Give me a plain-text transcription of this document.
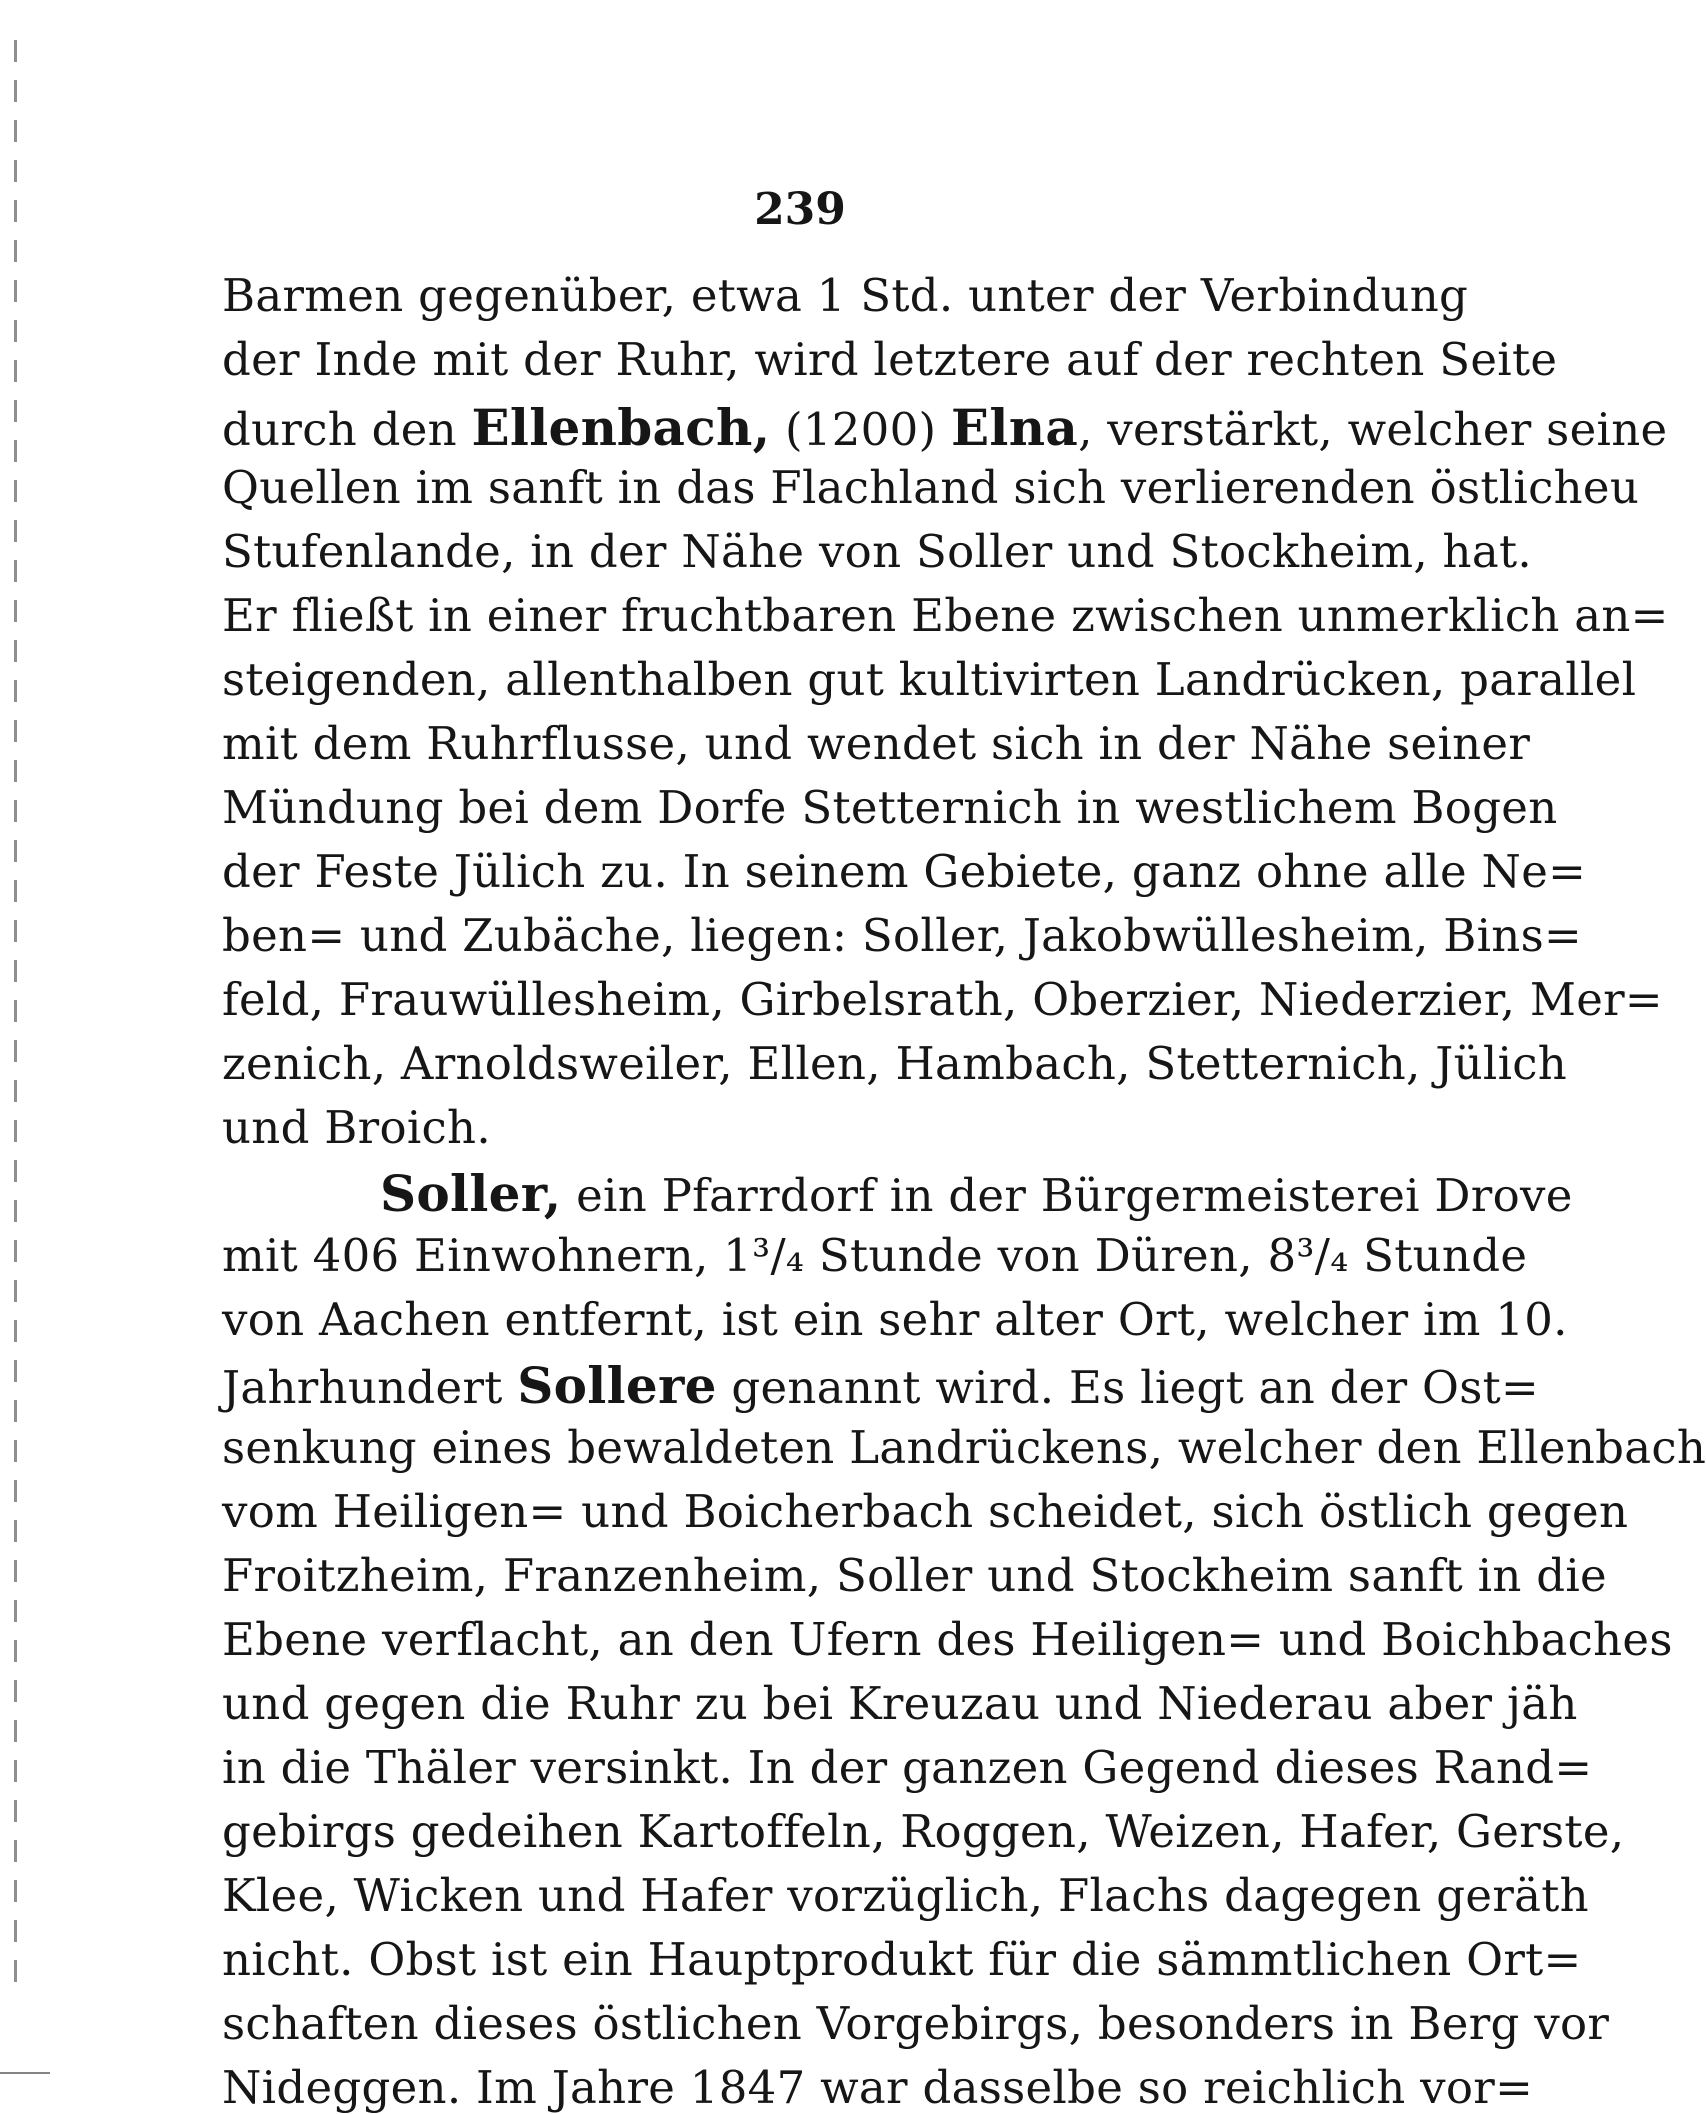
239
Barmen gegenüber, etwa 1 Std. unter der Verbindung
der Inde mit der Ruhr, wird letztere auf der rechten Seite
durch den Ellenbach, (1200) Elna, verstärkt, welcher seine
Quellen im sanft in das Flachland sich verlierenden östlicheu
Stufenlande, in der Nähe von Soller und Stockheim, hat.
Er fließt in einer fruchtbaren Ebene zwischen unmerklich an=
steigenden, allenthalben gut kultivirten Landrücken, parallel
mit dem Ruhrflusse, und wendet sich in der Nähe seiner
Mündung bei dem Dorfe Stetternich in westlichem Bogen
der Feste Jülich zu. In seinem Gebiete, ganz ohne alle Ne=
ben= und Zubäche, liegen: Soller, Jakobwüllesheim, Bins=
feld, Frauwüllesheim, Girbelsrath, Oberzier, Niederzier, Mer=
zenich, Arnoldsweiler, Ellen, Hambach, Stetternich, Jülich
und Broich.
Soller, ein Pfarrdorf in der Bürgermeisterei Drove
mit 406 Einwohnern, 1³/₄ Stunde von Düren, 8³/₄ Stunde
von Aachen entfernt, ist ein sehr alter Ort, welcher im 10.
Jahrhundert Sollere genannt wird. Es liegt an der Ost=
senkung eines bewaldeten Landrückens, welcher den Ellenbach
vom Heiligen= und Boicherbach scheidet, sich östlich gegen
Froitzheim, Franzenheim, Soller und Stockheim sanft in die
Ebene verflacht, an den Ufern des Heiligen= und Boichbaches
und gegen die Ruhr zu bei Kreuzau und Niederau aber jäh
in die Thäler versinkt. In der ganzen Gegend dieses Rand=
gebirgs gedeihen Kartoffeln, Roggen, Weizen, Hafer, Gerste,
Klee, Wicken und Hafer vorzüglich, Flachs dagegen geräth
nicht. Obst ist ein Hauptprodukt für die sämmtlichen Ort=
schaften dieses östlichen Vorgebirgs, besonders in Berg vor
Nideggen. Im Jahre 1847 war dasselbe so reichlich vor=
